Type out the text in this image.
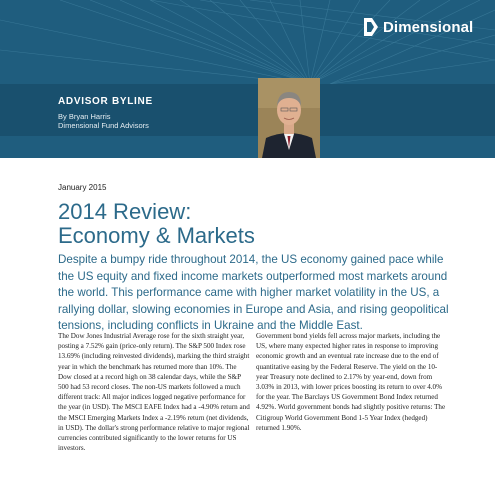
Dimensional
ADVISOR BYLINE
By Bryan Harris
Dimensional Fund Advisors
January 2015
2014 Review:
Economy & Markets

Despite a bumpy ride throughout 2014, the US economy gained pace while the US equity and fixed income markets outperformed most markets around the world. This performance came with higher market volatility in the US, a rallying dollar, slowing economies in Europe and Asia, and rising geopolitical tensions, including conflicts in Ukraine and the Middle East.

The Dow Jones Industrial Average rose for the sixth straight year, posting a 7.52% gain (price-only return). The S&P 500 Index rose 13.69% (including reinvested dividends), marking the third straight year in which the benchmark has returned more than 10%. The Dow closed at a record high on 38 calendar days, while the S&P 500 had 53 record closes. The non-US markets followed a much different track: All major indices logged negative performance for the year (in USD). The MSCI EAFE Index had a -4.90% return and the MSCI Emerging Markets Index a -2.19% return (net dividends, in USD). The dollar's strong performance relative to major regional currencies contributed significantly to the lower returns for US investors.

Government bond yields fell across major markets, including the US, where many expected higher rates in response to improving economic growth and an eventual rate increase due to the end of quantitative easing by the Federal Reserve. The yield on the 10-year Treasury note declined to 2.17% by year-end, down from 3.03% in 2013, with lower prices boosting its return to over 4.0% for the year. The Barclays US Government Bond Index returned 4.92%. World government bonds had slightly positive returns: The Citigroup World Government Bond 1-5 Year Index (hedged) returned 1.90%.
